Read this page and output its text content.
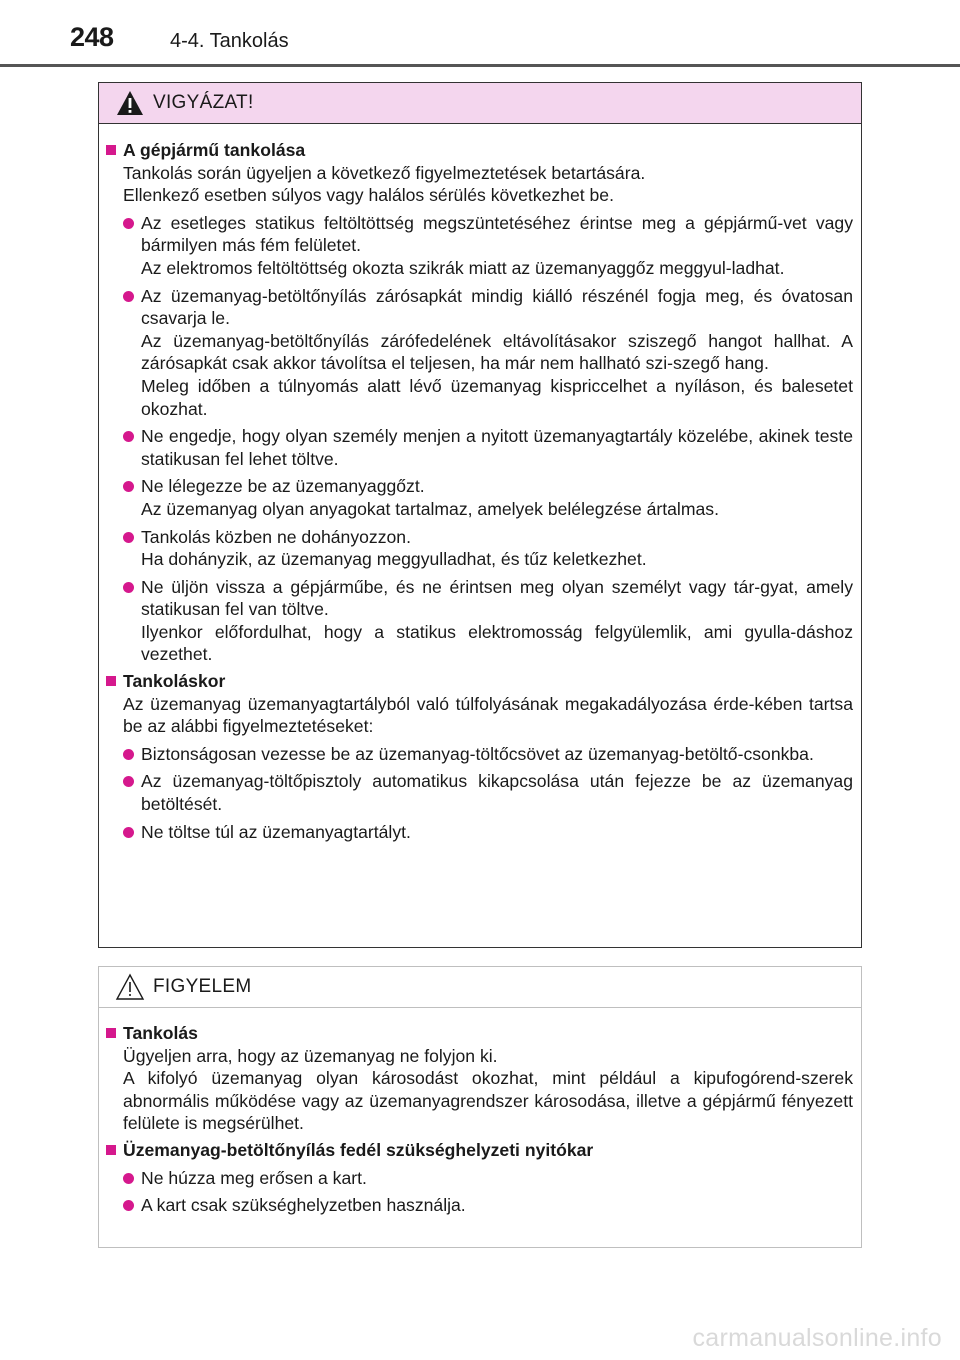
248	4-4. Tankolás
VIGYÁZAT!
A gépjármű tankolása
Tankolás során ügyeljen a következő figyelmeztetések betartására.
Ellenkező esetben súlyos vagy halálos sérülés következhet be.
Az esetleges statikus feltöltöttség megszüntetéséhez érintse meg a gépjármű-vet vagy bármilyen más fém felületet.
Az elektromos feltöltöttség okozta szikrák miatt az üzemanyaggőz meggyul-ladhat.
Az üzemanyag-betöltőnyílás zárósapkát mindig kiálló részénél fogja meg, és óvatosan csavarja le.
Az üzemanyag-betöltőnyílás zárófedelének eltávolításakor sziszegő hangot hallhat. A zárósapkát csak akkor távolítsa el teljesen, ha már nem hallható szi-szegő hang.
Meleg időben a túlnyomás alatt lévő üzemanyag kispriccelhet a nyíláson, és balesetet okozhat.
Ne engedje, hogy olyan személy menjen a nyitott üzemanyagtartály közelébe, akinek teste statikusan fel lehet töltve.
Ne lélegezze be az üzemanyaggőzt.
Az üzemanyag olyan anyagokat tartalmaz, amelyek belélegzése ártalmas.
Tankolás közben ne dohányozzon.
Ha dohányzik, az üzemanyag meggyulladhat, és tűz keletkezhet.
Ne üljön vissza a gépjárműbe, és ne érintsen meg olyan személyt vagy tár-gyat, amely statikusan fel van töltve.
Ilyenkor előfordulhat, hogy a statikus elektromosság felgyülemlik, ami gyulla-dáshoz vezethet.
Tankoláskor
Az üzemanyag üzemanyagtartályból való túlfolyásának megakadályozása érde-kében tartsa be az alábbi figyelmeztetéseket:
Biztonságosan vezesse be az üzemanyag-töltőcsövet az üzemanyag-betöltő-csonkba.
Az üzemanyag-töltőpisztoly automatikus kikapcsolása után fejezze be az üzemanyag betöltését.
Ne töltse túl az üzemanyagtartályt.
FIGYELEM
Tankolás
Ügyeljen arra, hogy az üzemanyag ne folyjon ki.
A kifolyó üzemanyag olyan károsodást okozhat, mint például a kipufogórend-szerek abnormális működése vagy az üzemanyagrendszer károsodása, illetve a gépjármű fényezett felülete is megsérülhet.
Üzemanyag-betöltőnyílás fedél szükséghelyzeti nyitókar
Ne húzza meg erősen a kart.
A kart csak szükséghelyzetben használja.
carmanualsonline.info
